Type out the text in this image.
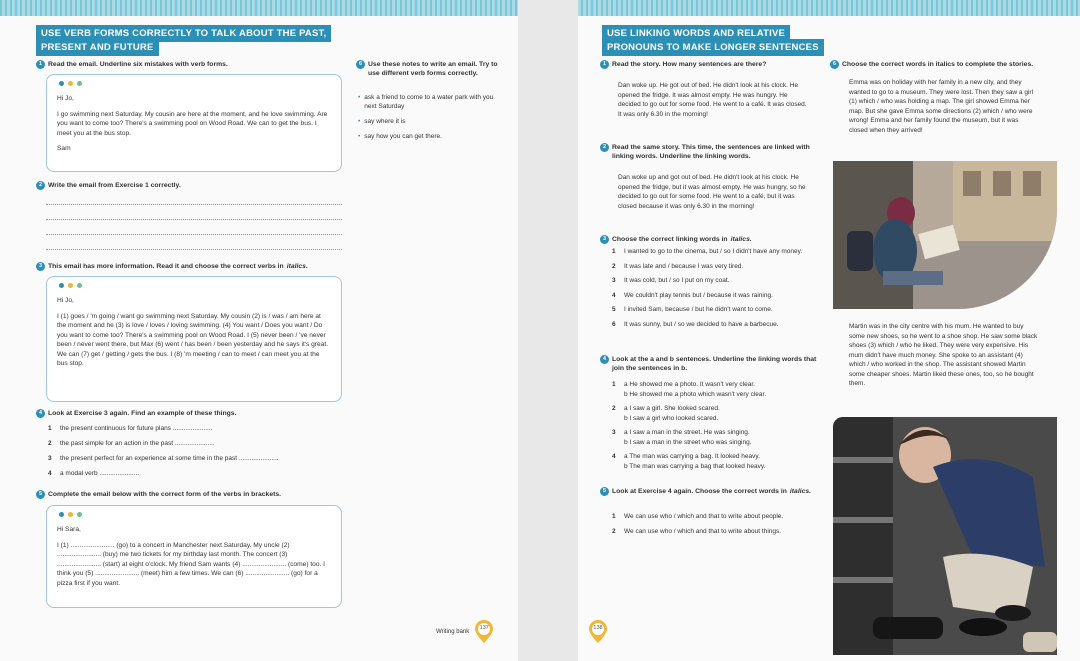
USE VERB FORMS CORRECTLY TO TALK ABOUT THE PAST,
PRESENT AND FUTURE
1 Read the email. Underline six mistakes with verb forms.

Hi Jo,

I go swimming next Saturday. My cousin are here at the moment, and he love swimming. Are you want to come too? There's a swimming pool on Wood Road. We can to get the bus. I meet you at the bus stop.

Sam

2 Write the email from Exercise 1 correctly.
3 This email has more information. Read it and choose the correct verbs in italics.

Hi Jo,

I (1) goes / 'm going / want go swimming next Saturday. My cousin (2) is / was / am here at the moment and he (3) is love / loves / loving swimming. (4) You want / Does you want / Do you want to come too? There's a swimming pool on Wood Road. I (5) never been / 've never been / never went there, but Max (6) went / has been / been yesterday and he says it's great. We can (7) get / getting / gets the bus. I (8) 'm meeting / can to meet / can meet you at the bus stop.

4 Look at Exercise 3 again. Find an example of these things.
1	the present continuous for future plans ......................
2	the past simple for an action in the past ......................
3	the present perfect for an experience at some time in the past ......................
4	a modal verb ......................
5 Complete the email below with the correct form of the verbs in brackets.

Hi Sara,

I (1) ........................ (go) to a concert in Manchester next Saturday. My uncle (2) ........................ (buy) me two tickets for my birthday last month. The concert (3) ........................ (start) at eight o'clock. My friend Sam wants (4) ........................ (come) too. I think you (5) ........................ (meet) him a few times. We can (6) ........................ (go) for a pizza first if you want.

6 Use these notes to write an email. Try to use different verb forms correctly.
• ask a friend to come to a water park with you next Saturday
• say where it is
• say how you can get there.
Writing bank
137
USE LINKING WORDS AND RELATIVE
PRONOUNS TO MAKE LONGER SENTENCES
1 Read the story. How many sentences are there?
Dan woke up. He got out of bed. He didn't look at his clock. He opened the fridge. It was almost empty. He was hungry. He decided to go out for some food. He went to a café. It was closed. It was only 6.30 in the morning!
2 Read the same story. This time, the sentences are linked with linking words. Underline the linking words.
Dan woke up and got out of bed. He didn't look at his clock. He opened the fridge, but it was almost empty. He was hungry, so he decided to go out for some food. He went to a café, but it was closed because it was only 6.30 in the morning!
3 Choose the correct linking words in italics.
1	I wanted to go to the cinema, but / so I didn't have any money.
2	It was late and / because I was very tired.
3	It was cold, but / so I put on my coat.
4	We couldn't play tennis but / because it was raining.
5	I invited Sam, because / but he didn't want to come.
6	It was sunny, but / so we decided to have a barbecue.
4 Look at the a and b sentences. Underline the linking words that join the sentences in b.
1	a He showed me a photo. It wasn't very clear.
b He showed me a photo which wasn't very clear.
2	a I saw a girl. She looked scared.
b I saw a girl who looked scared.
3	a I saw a man in the street. He was singing.
b I saw a man in the street who was singing.
4	a The man was carrying a bag. It looked heavy.
b The man was carrying a bag that looked heavy.
5 Look at Exercise 4 again. Choose the correct words in italics.
1	We can use who / which and that to write about people.
2	We can use who / which and that to write about things.
6 Choose the correct words in italics to complete the stories.
Emma was on holiday with her family in a new city, and they wanted to go to a museum. They were lost. Then they saw a girl (1) which / who was holding a map. The girl showed Emma her map. But she gave Emma some directions (2) which / who were wrong! Emma and her family found the museum, but it was closed when they arrived!
Martin was in the city centre with his mum. He wanted to buy some new shoes, so he went to a shoe shop. He saw some black shoes (3) which / who he liked. They were very expensive. His mum didn't have much money. She spoke to an assistant (4) which / who worked in the shop. The assistant showed Martin some cheaper shoes. Martin liked these ones, too, so he bought them.
138
